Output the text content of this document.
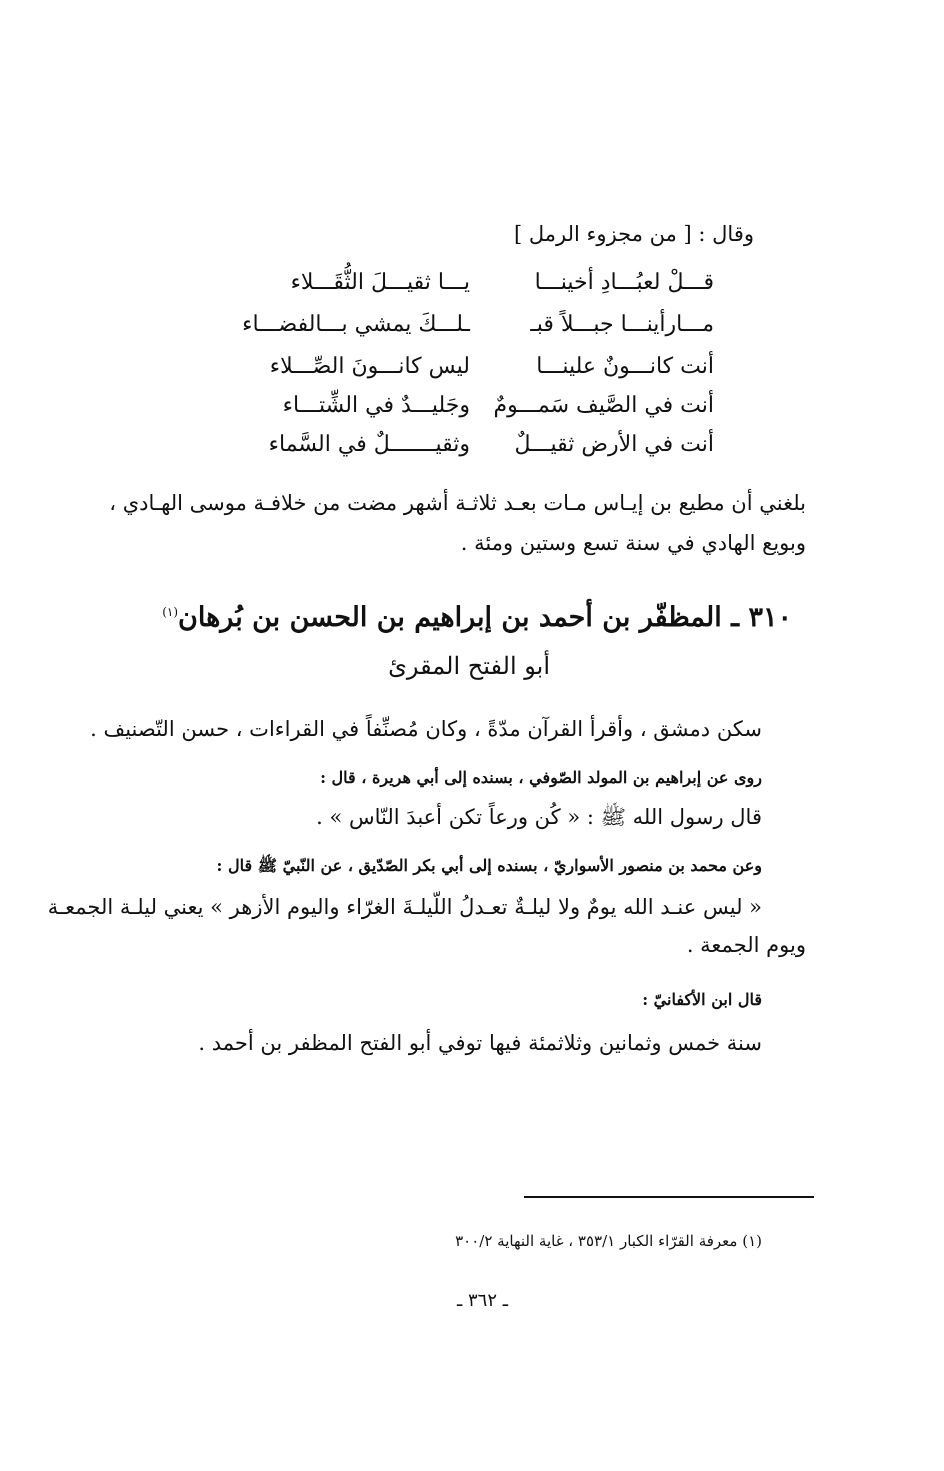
وقال : [ من مجزوء الرمل ]
قـــلْ لعبُـــادِ أخينـــا
يـــا ثقيـــلَ الثُّقَـــلاء
مـــارأينـــا جبـــلاً قبـ
ـلـــكَ يمشي بـــالفضـــاء
أنت كانـــونٌ علينـــا
ليس كانـــونَ الصِّـــلاء
أنت في الصَّيف سَمـــومٌ
وجَليـــدٌ في الشِّتـــاء
أنت في الأرض ثقيـــلٌ
وثقيـــــــلٌ في السَّماء
بلغني أن مطيع بن إيـاس مـات بعـد ثلاثـة أشهر مضت من خلافـة موسى الهـادي ،
وبويع الهادي في سنة تسع وستين ومئة .
٣١٠ ـ المظفّر بن أحمد بن إبراهيم بن الحسن بن بُرهان$^{(١)}$
أبو الفتح المقرئ
سكن دمشق ، وأقرأ القرآن مدّةً ، وكان مُصنِّفاً في القراءات ، حسن التّصنيف .
روى عن إبراهيم بن المولد الصّوفي ، بسنده إلى أبي هريرة ، قال :
قال رسول الله ﷺ : « كُن ورعاً تكن أعبدَ النّاس » .
وعن محمد بن منصور الأسواريّ ، بسنده إلى أبي بكر الصّدّيق ، عن النّبيّ ﷺ قال :
« ليس عنـد الله يومٌ ولا ليلـةٌ تعـدلُ اللّيلـةَ الغرّاء واليوم الأزهر » يعني ليلـة الجمعـة
ويوم الجمعة .
قال ابن الأكفانيّ :
سنة خمس وثمانين وثلاثمئة فيها توفي أبو الفتح المظفر بن أحمد .
(١) معرفة القرّاء الكبار ٣٥٣/١ ، غاية النهاية ٣٠٠/٢
ـ ٣٦٢ ـ
